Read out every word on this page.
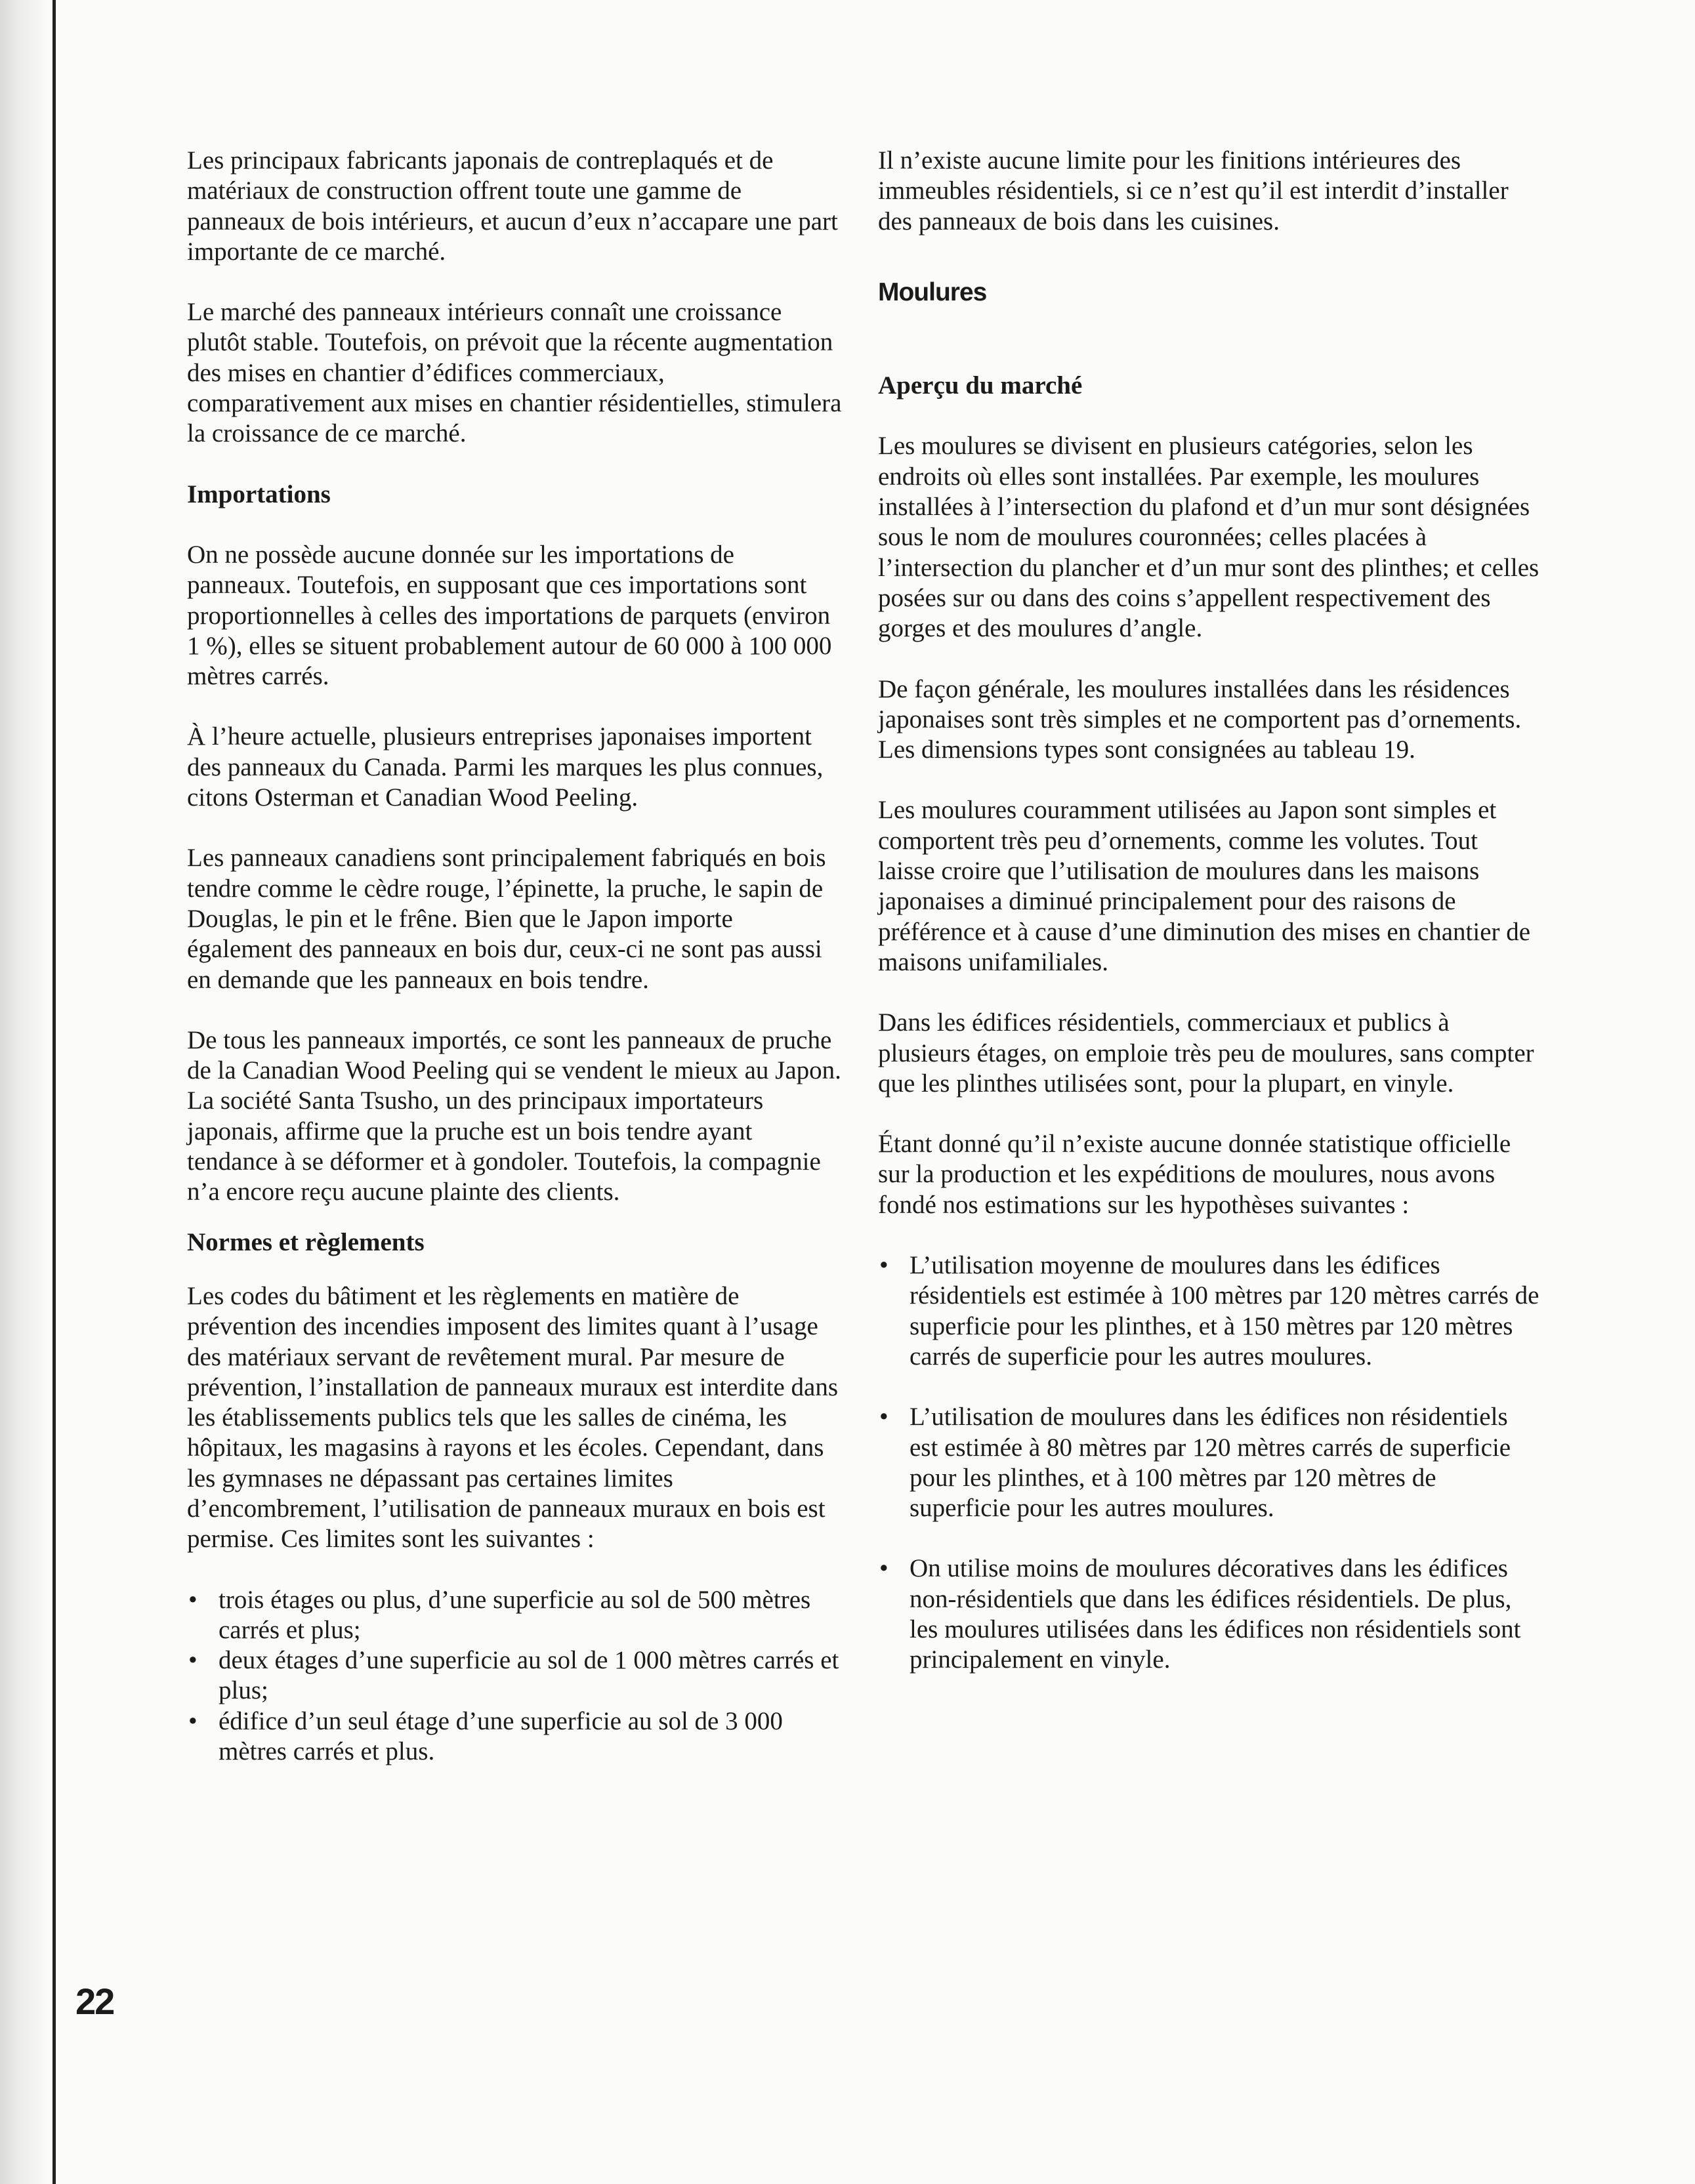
Les principaux fabricants japonais de contreplaqués et de matériaux de construction offrent toute une gamme de panneaux de bois intérieurs, et aucun d’eux n’accapare une part importante de ce marché.

Le marché des panneaux intérieurs connaît une croissance plutôt stable. Toutefois, on prévoit que la récente augmentation des mises en chantier d’édifices commerciaux, comparativement aux mises en chantier résidentielles, stimulera la croissance de ce marché.

Importations

On ne possède aucune donnée sur les importations de panneaux. Toutefois, en supposant que ces importations sont proportionnelles à celles des importations de parquets (environ 1 %), elles se situent probablement autour de 60 000 à 100 000 mètres carrés.

À l’heure actuelle, plusieurs entreprises japonaises importent des panneaux du Canada. Parmi les marques les plus connues, citons Osterman et Canadian Wood Peeling.

Les panneaux canadiens sont principalement fabriqués en bois tendre comme le cèdre rouge, l’épinette, la pruche, le sapin de Douglas, le pin et le frêne. Bien que le Japon importe également des panneaux en bois dur, ceux-ci ne sont pas aussi en demande que les panneaux en bois tendre.

De tous les panneaux importés, ce sont les panneaux de pruche de la Canadian Wood Peeling qui se vendent le mieux au Japon. La société Santa Tsusho, un des principaux importateurs japonais, affirme que la pruche est un bois tendre ayant tendance à se déformer et à gondoler. Toutefois, la compagnie n’a encore reçu aucune plainte des clients.

Normes et règlements

Les codes du bâtiment et les règlements en matière de prévention des incendies imposent des limites quant à l’usage des matériaux servant de revêtement mural. Par mesure de prévention, l’installation de panneaux muraux est interdite dans les établissements publics tels que les salles de cinéma, les hôpitaux, les magasins à rayons et les écoles. Cependant, dans les gymnases ne dépassant pas certaines limites d’encombrement, l’utilisation de panneaux muraux en bois est permise. Ces limites sont les suivantes :

• trois étages ou plus, d’une superficie au sol de 500 mètres carrés et plus;
• deux étages d’une superficie au sol de 1 000 mètres carrés et plus;
• édifice d’un seul étage d’une superficie au sol de 3 000 mètres carrés et plus.

Il n’existe aucune limite pour les finitions intérieures des immeubles résidentiels, si ce n’est qu’il est interdit d’installer des panneaux de bois dans les cuisines.

Moulures
Aperçu du marché

Les moulures se divisent en plusieurs catégories, selon les endroits où elles sont installées. Par exemple, les moulures installées à l’intersection du plafond et d’un mur sont désignées sous le nom de moulures couronnées; celles placées à l’intersection du plancher et d’un mur sont des plinthes; et celles posées sur ou dans des coins s’appellent respectivement des gorges et des moulures d’angle.

De façon générale, les moulures installées dans les résidences japonaises sont très simples et ne comportent pas d’ornements. Les dimensions types sont consignées au tableau 19.

Les moulures couramment utilisées au Japon sont simples et comportent très peu d’ornements, comme les volutes. Tout laisse croire que l’utilisation de moulures dans les maisons japonaises a diminué principalement pour des raisons de préférence et à cause d’une diminution des mises en chantier de maisons unifamiliales.

Dans les édifices résidentiels, commerciaux et publics à plusieurs étages, on emploie très peu de moulures, sans compter que les plinthes utilisées sont, pour la plupart, en vinyle.

Étant donné qu’il n’existe aucune donnée statistique officielle sur la production et les expéditions de moulures, nous avons fondé nos estimations sur les hypothèses suivantes :

• L’utilisation moyenne de moulures dans les édifices résidentiels est estimée à 100 mètres par 120 mètres carrés de superficie pour les plinthes, et à 150 mètres par 120 mètres carrés de superficie pour les autres moulures.
• L’utilisation de moulures dans les édifices non résidentiels est estimée à 80 mètres par 120 mètres carrés de superficie pour les plinthes, et à 100 mètres par 120 mètres de superficie pour les autres moulures.
• On utilise moins de moulures décoratives dans les édifices non-résidentiels que dans les édifices résidentiels. De plus, les moulures utilisées dans les édifices non résidentiels sont principalement en vinyle.
22
